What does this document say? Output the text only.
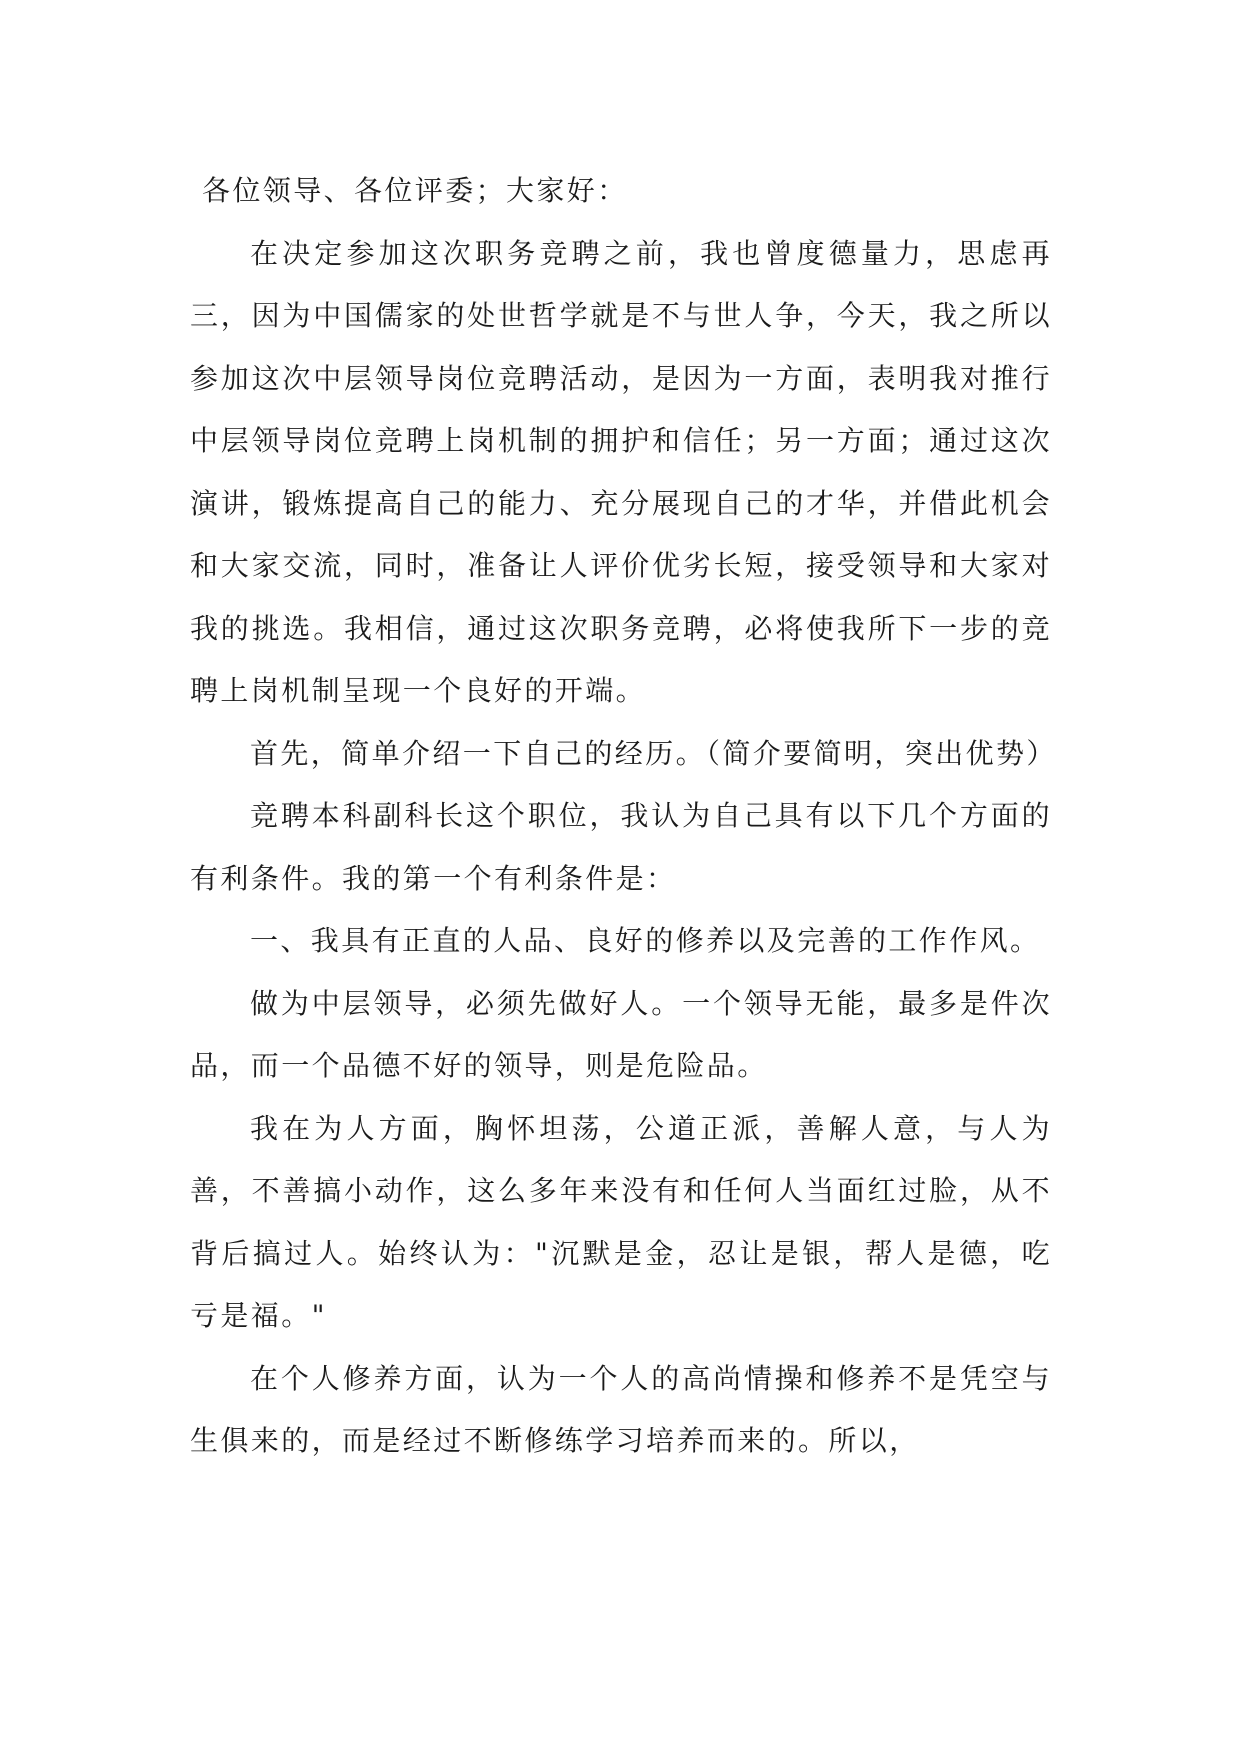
各位领导、各位评委；大家好：

在决定参加这次职务竞聘之前，我也曾度德量力，思虑再三，因为中国儒家的处世哲学就是不与世人争，今天，我之所以参加这次中层领导岗位竞聘活动，是因为一方面，表明我对推行中层领导岗位竞聘上岗机制的拥护和信任；另一方面；通过这次演讲，锻炼提高自己的能力、充分展现自己的才华，并借此机会和大家交流，同时，准备让人评价优劣长短，接受领导和大家对我的挑选。我相信，通过这次职务竞聘，必将使我所下一步的竞聘上岗机制呈现一个良好的开端。

首先，简单介绍一下自己的经历。（简介要简明，突出优势）

竞聘本科副科长这个职位，我认为自己具有以下几个方面的有利条件。我的第一个有利条件是：

一、我具有正直的人品、良好的修养以及完善的工作作风。

做为中层领导，必须先做好人。一个领导无能，最多是件次品，而一个品德不好的领导，则是危险品。

我在为人方面，胸怀坦荡，公道正派，善解人意，与人为善，不善搞小动作，这么多年来没有和任何人当面红过脸，从不背后搞过人。始终认为："沉默是金，忍让是银，帮人是德，吃亏是福。"

在个人修养方面，认为一个人的高尚情操和修养不是凭空与生俱来的，而是经过不断修练学习培养而来的。所以，
